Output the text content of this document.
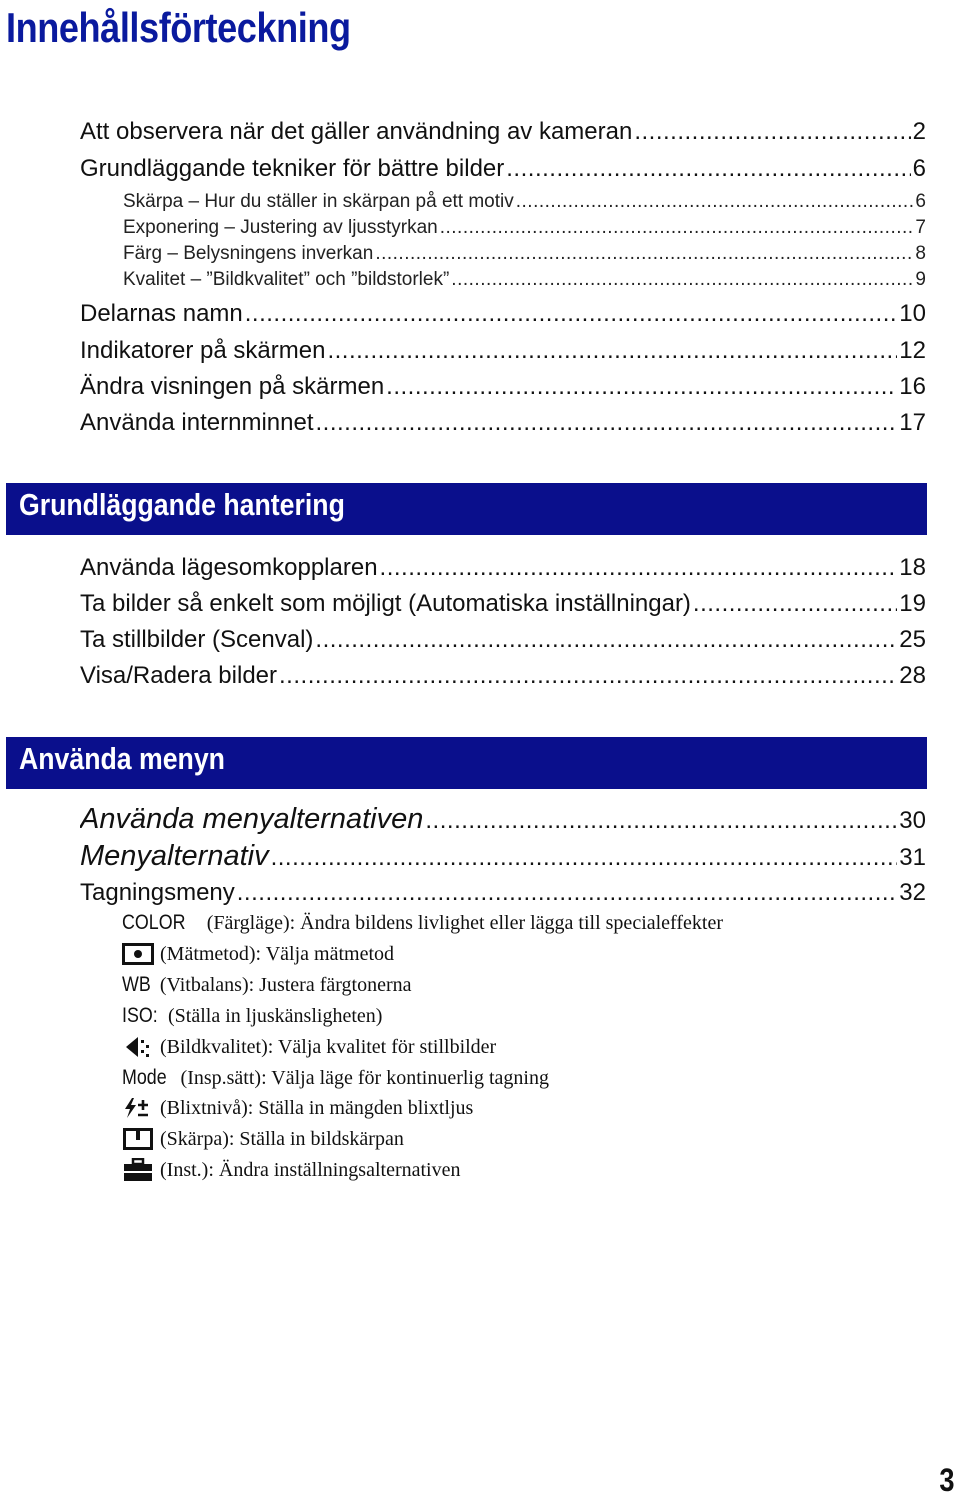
Innehållsförteckning
Att observera när det gäller användning av kameran .....	2
Grundläggande tekniker för bättre bilder .....	6
Skärpa – Hur du ställer in skärpan på ett motiv .....	6
Exponering – Justering av ljusstyrkan .....	7
Färg – Belysningens inverkan .....	8
Kvalitet – ”Bildkvalitet” och ”bildstorlek” .....	9
Delarnas namn .....	10
Indikatorer på skärmen .....	12
Ändra visningen på skärmen .....	16
Använda internminnet .....	17
Grundläggande hantering
Använda lägesomkopplaren .....	18
Ta bilder så enkelt som möjligt (Automatiska inställningar) .....	19
Ta stillbilder (Scenval) .....	25
Visa/Radera bilder .....	28
Använda menyn
Använda menyalternativen .....	30
Menyalternativ .....	31
Tagningsmeny .....	32
COLOR (Färgläge): Ändra bildens livlighet eller lägga till specialeffekter
(Mätmetod): Välja mätmetod
WB (Vitbalans): Justera färgtonerna
ISO: (Ställa in ljuskänsligheten)
(Bildkvalitet): Välja kvalitet för stillbilder
Mode (Insp.sätt): Välja läge för kontinuerlig tagning
(Blixtnivå): Ställa in mängden blixtljus
(Skärpa): Ställa in bildskärpan
(Inst.): Ändra inställningsalternativen
3
